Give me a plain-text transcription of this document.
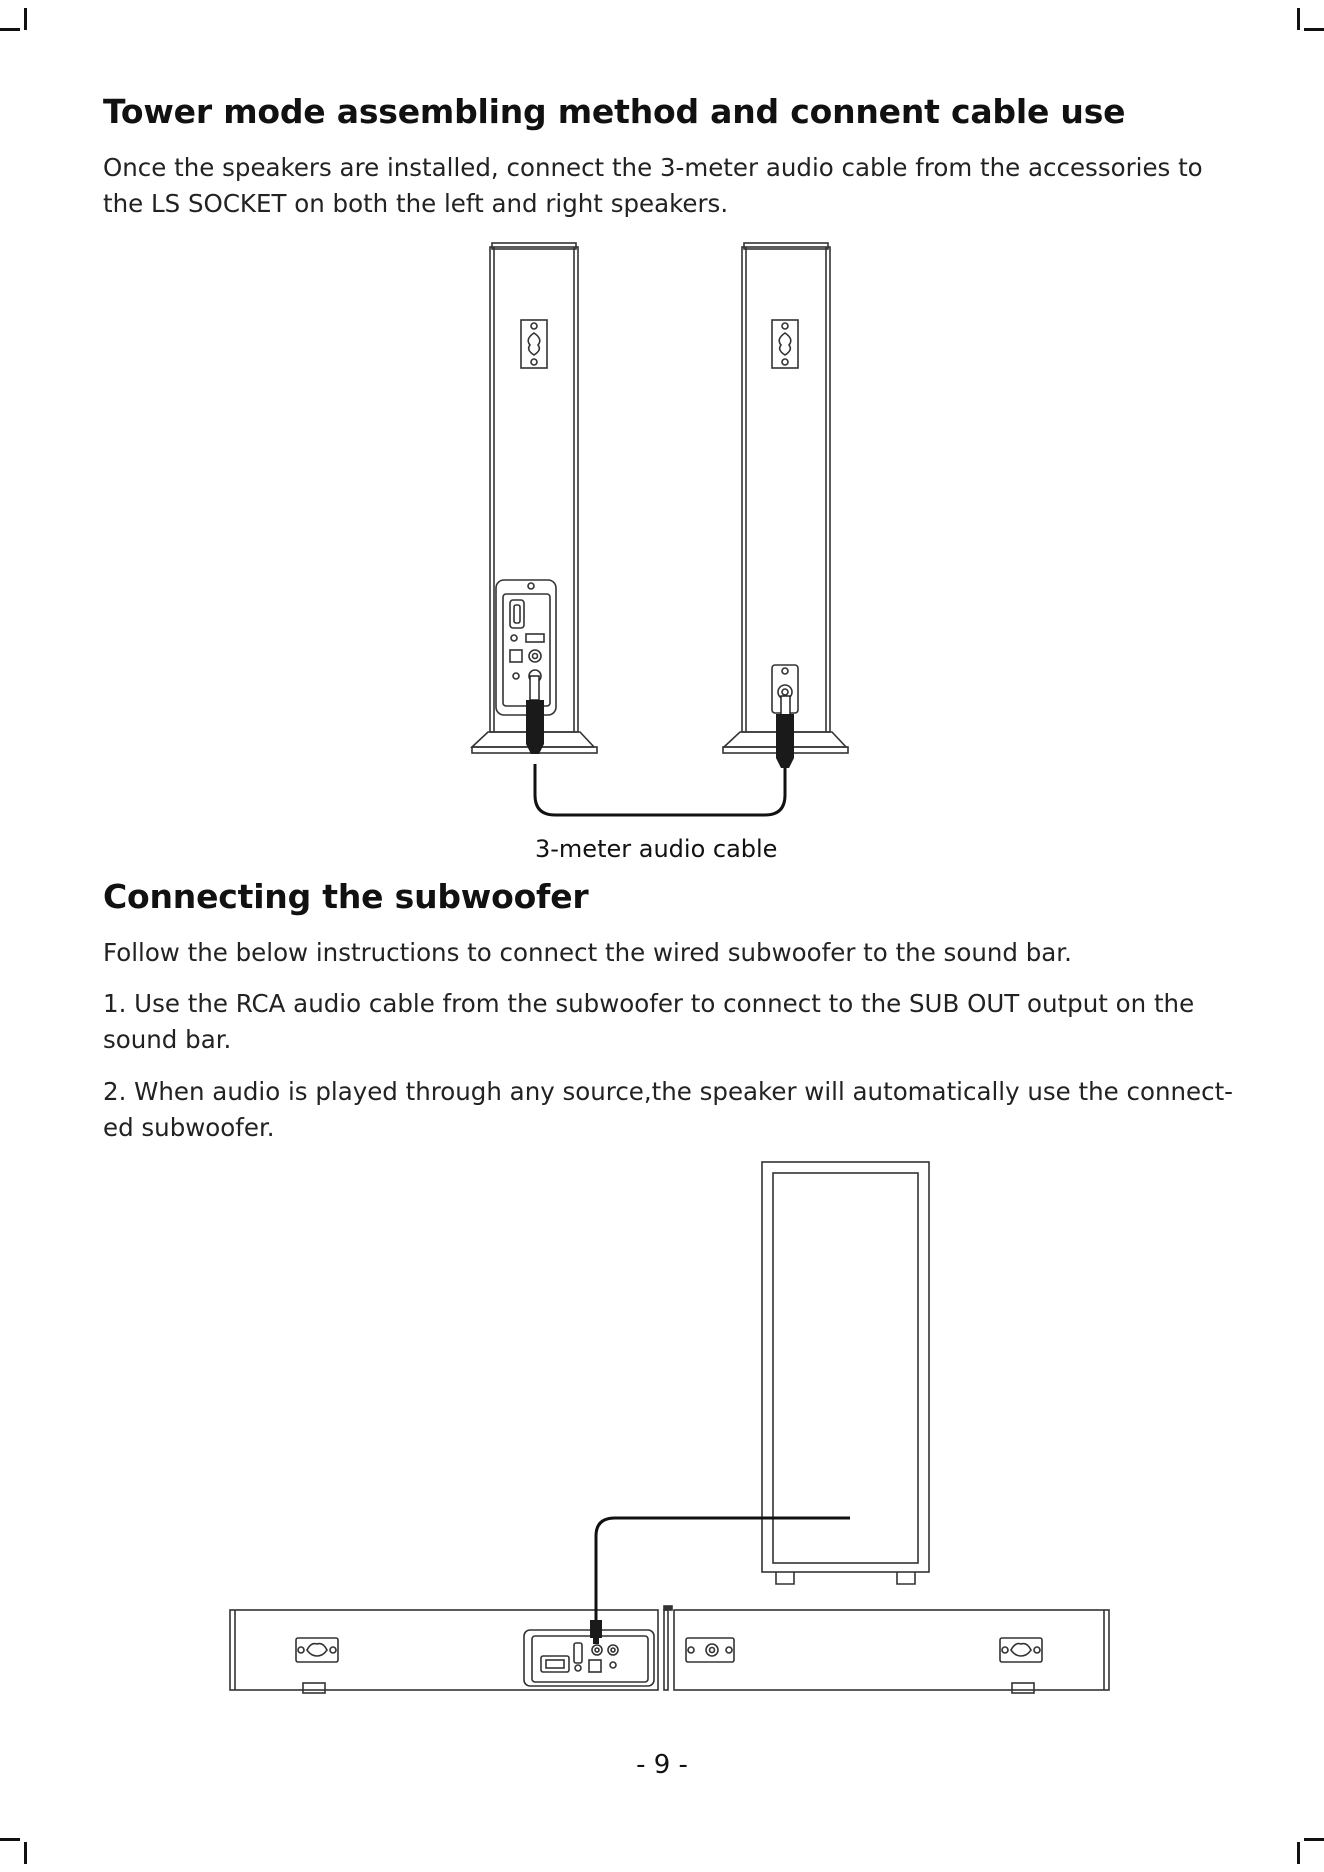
Tower mode assembling method and connent cable use

Once the speakers are installed, connect the 3-meter audio cable from the accessories to the LS SOCKET on both the left and right speakers.

3-meter audio cable
Connecting the subwoofer

Follow the below instructions to connect the wired subwoofer to the sound bar.

1. Use the RCA audio cable from the subwoofer to connect to the SUB OUT output on the sound bar.

2. When audio is played through any source,the speaker will automatically use the connect-ed subwoofer.

- 9 -
